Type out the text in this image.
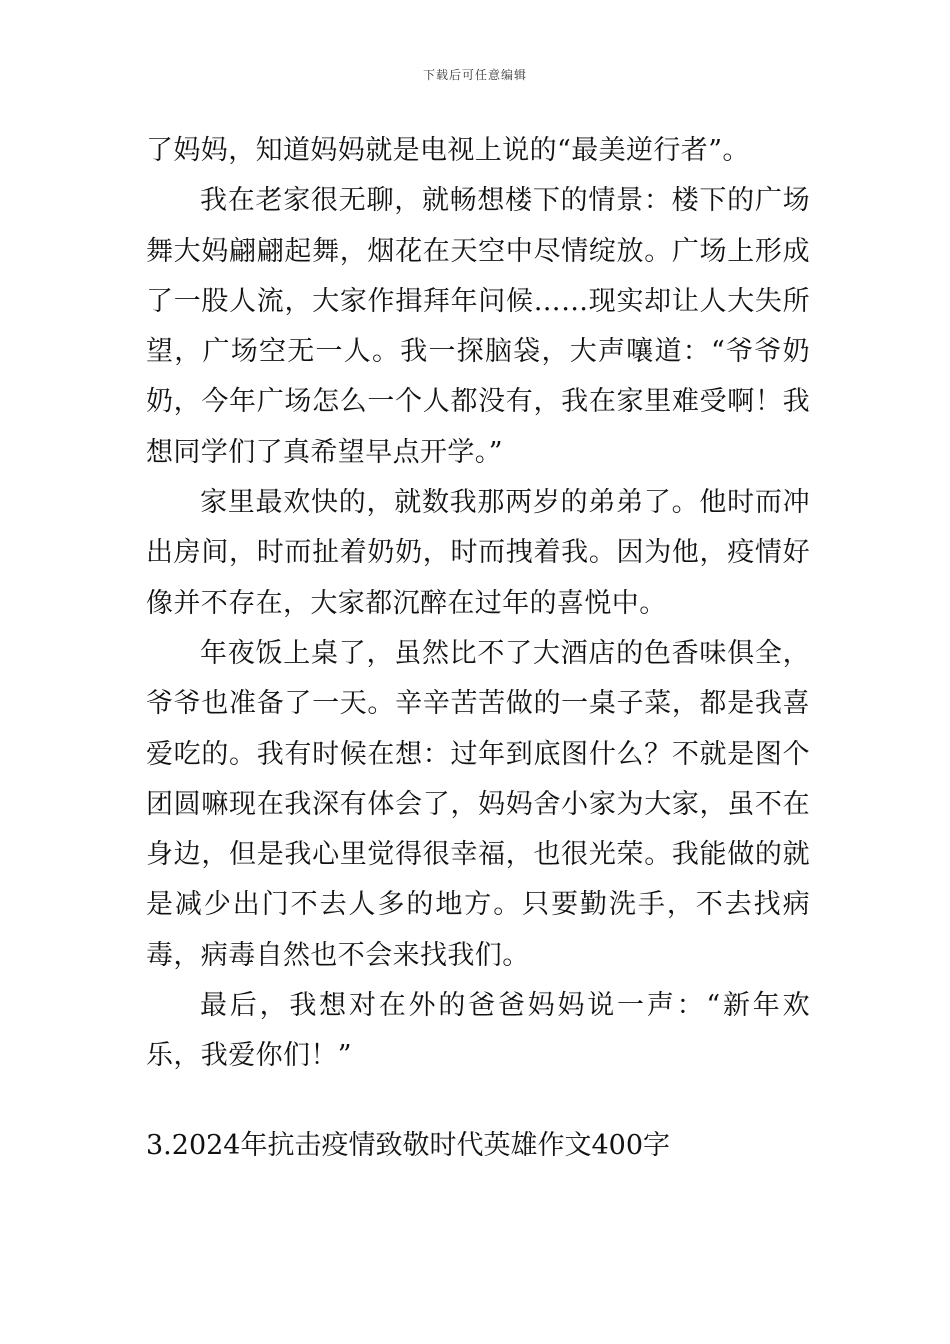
下载后可任意编辑

了妈妈，知道妈妈就是电视上说的“最美逆行者”。

我在老家很无聊，就畅想楼下的情景：楼下的广场舞大妈翩翩起舞，烟花在天空中尽情绽放。广场上形成了一股人流，大家作揖拜年问候……现实却让人大失所望，广场空无一人。我一探脑袋，大声嚷道：“爷爷奶奶，今年广场怎么一个人都没有，我在家里难受啊！我想同学们了真希望早点开学。”

家里最欢快的，就数我那两岁的弟弟了。他时而冲出房间，时而扯着奶奶，时而拽着我。因为他，疫情好像并不存在，大家都沉醉在过年的喜悦中。

年夜饭上桌了，虽然比不了大酒店的色香味俱全，爷爷也准备了一天。辛辛苦苦做的一桌子菜，都是我喜爱吃的。我有时候在想：过年到底图什么？不就是图个团圆嘛现在我深有体会了，妈妈舍小家为大家，虽不在身边，但是我心里觉得很幸福，也很光荣。我能做的就是减少出门不去人多的地方。只要勤洗手，不去找病毒，病毒自然也不会来找我们。

最后，我想对在外的爸爸妈妈说一声：“新年欢乐，我爱你们！”

3.2024年抗击疫情致敬时代英雄作文400字
